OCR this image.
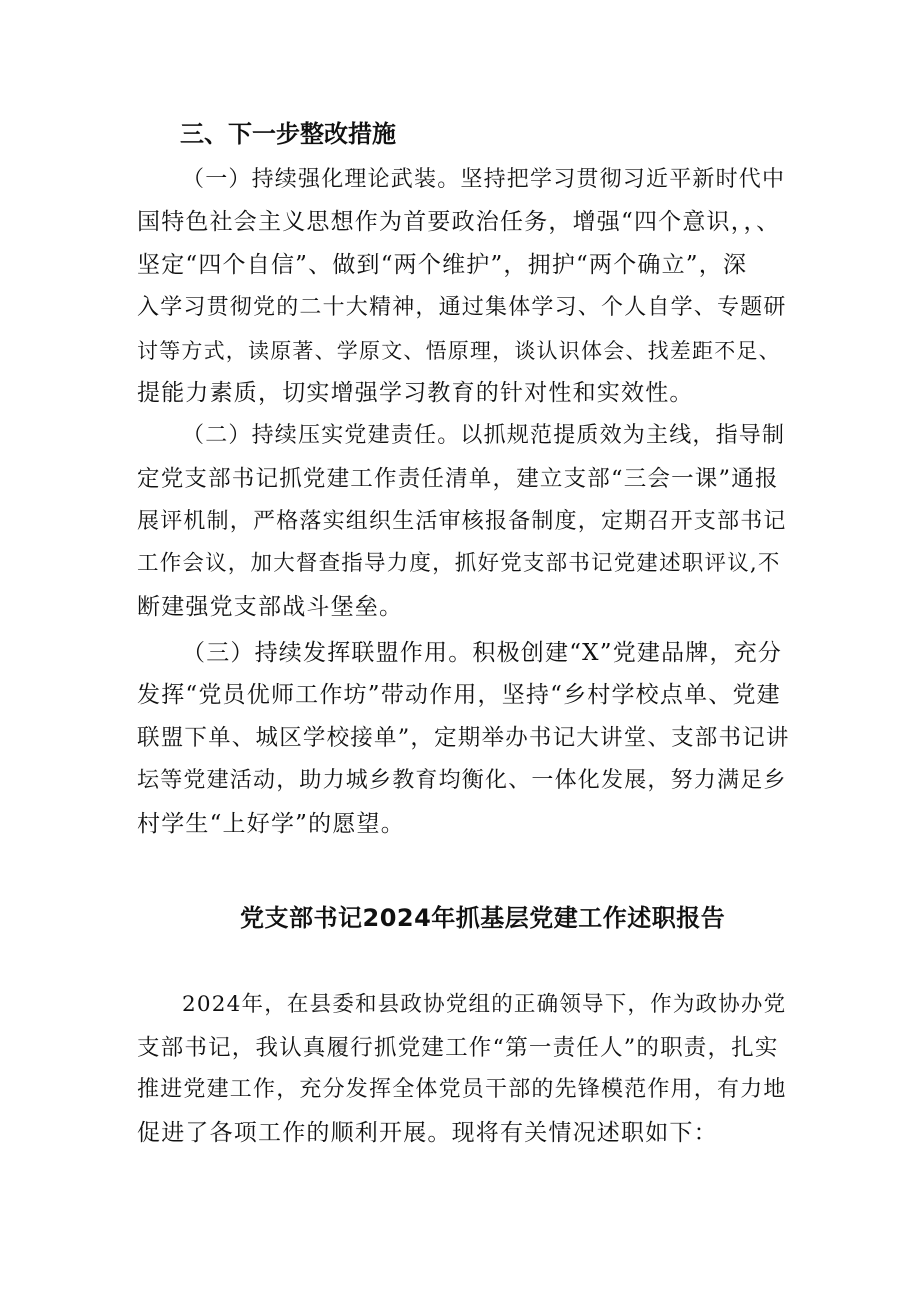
三、下一步整改措施
（一）持续强化理论武装。坚持把学习贯彻习近平新时代中
国特色社会主义思想作为首要政治任务，增强“四个意识，，、
坚定“四个自信”、做到“两个维护”，拥护“两个确立”，深
入学习贯彻党的二十大精神，通过集体学习、个人自学、专题研
讨等方式，读原著、学原文、悟原理，谈认识体会、找差距不足、
提能力素质，切实增强学习教育的针对性和实效性。
（二）持续压实党建责任。以抓规范提质效为主线，指导制
定党支部书记抓党建工作责任清单，建立支部“三会一课”通报
展评机制，严格落实组织生活审核报备制度，定期召开支部书记
工作会议，加大督查指导力度，抓好党支部书记党建述职评议,不
断建强党支部战斗堡垒。
（三）持续发挥联盟作用。积极创建“X”党建品牌，充分
发挥“党员优师工作坊”带动作用，坚持“乡村学校点单、党建
联盟下单、城区学校接单”，定期举办书记大讲堂、支部书记讲
坛等党建活动，助力城乡教育均衡化、一体化发展，努力满足乡
村学生“上好学”的愿望。
党支部书记2024年抓基层党建工作述职报告
2024年，在县委和县政协党组的正确领导下，作为政协办党
支部书记，我认真履行抓党建工作“第一责任人”的职责，扎实
推进党建工作，充分发挥全体党员干部的先锋模范作用，有力地
促进了各项工作的顺利开展。现将有关情况述职如下：
